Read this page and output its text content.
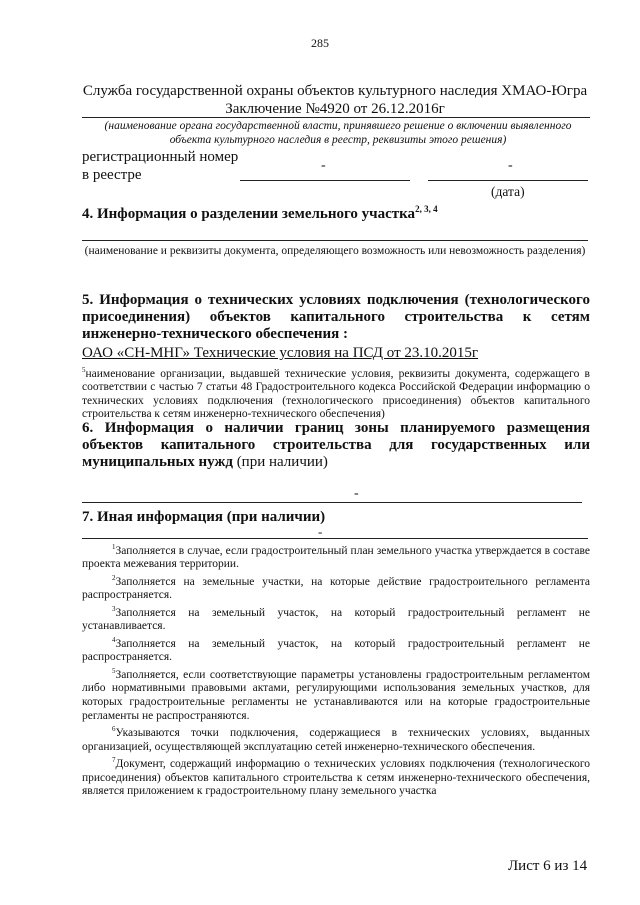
285
Служба государственной охраны объектов культурного наследия ХМАО-Югра
Заключение №4920 от 26.12.2016г
(наименование органа государственной власти, принявшего решение о включении выявленного объекта культурного наследия в реестр, реквизиты этого решения)
регистрационный номер
в реестре
-	-
(дата)
4. Информация о разделении земельного участка$^{2, 3, 4}$
(наименование и реквизиты документа, определяющего возможность или невозможность разделения)
5. Информация о технических условиях подключения (технологического присоединения) объектов капитального строительства к сетям инженерно-технического обеспечения :
ОАО «СН-МНГ» Технические условия на ПСД от 23.10.2015г
$^5$наименование организации, выдавшей технические условия, реквизиты документа, содержащего в соответствии с частью 7 статьи 48 Градостроительного кодекса Российской Федерации информацию о технических условиях подключения (технологического присоединения) объектов капитального строительства к сетям инженерно-технического обеспечения)
6. Информация о наличии границ зоны планируемого размещения объектов капитального строительства для государственных или муниципальных нужд (при наличии)
-
7. Иная информация (при наличии)
-

$^1$Заполняется в случае, если градостроительный план земельного участка утверждается в составе проекта межевания территории.

$^2$Заполняется на земельные участки, на которые действие градостроительного регламента распространяется.

$^3$Заполняется на земельный участок, на который градостроительный регламент не устанавливается.

$^4$Заполняется на земельный участок, на который градостроительный регламент не распространяется.

$^5$Заполняется, если соответствующие параметры установлены градостроительным регламентом либо нормативными правовыми актами, регулирующими использования земельных участков, для которых градостроительные регламенты не устанавливаются или на которые градостроительные регламенты не распространяются.

$^6$Указываются точки подключения, содержащиеся в технических условиях, выданных организацией, осуществляющей эксплуатацию сетей инженерно-технического обеспечения.

$^7$Документ, содержащий информацию о технических условиях подключения (технологического присоединения) объектов капитального строительства к сетям инженерно-технического обеспечения, является приложением к градостроительному плану земельного участка

Лист 6 из 14
